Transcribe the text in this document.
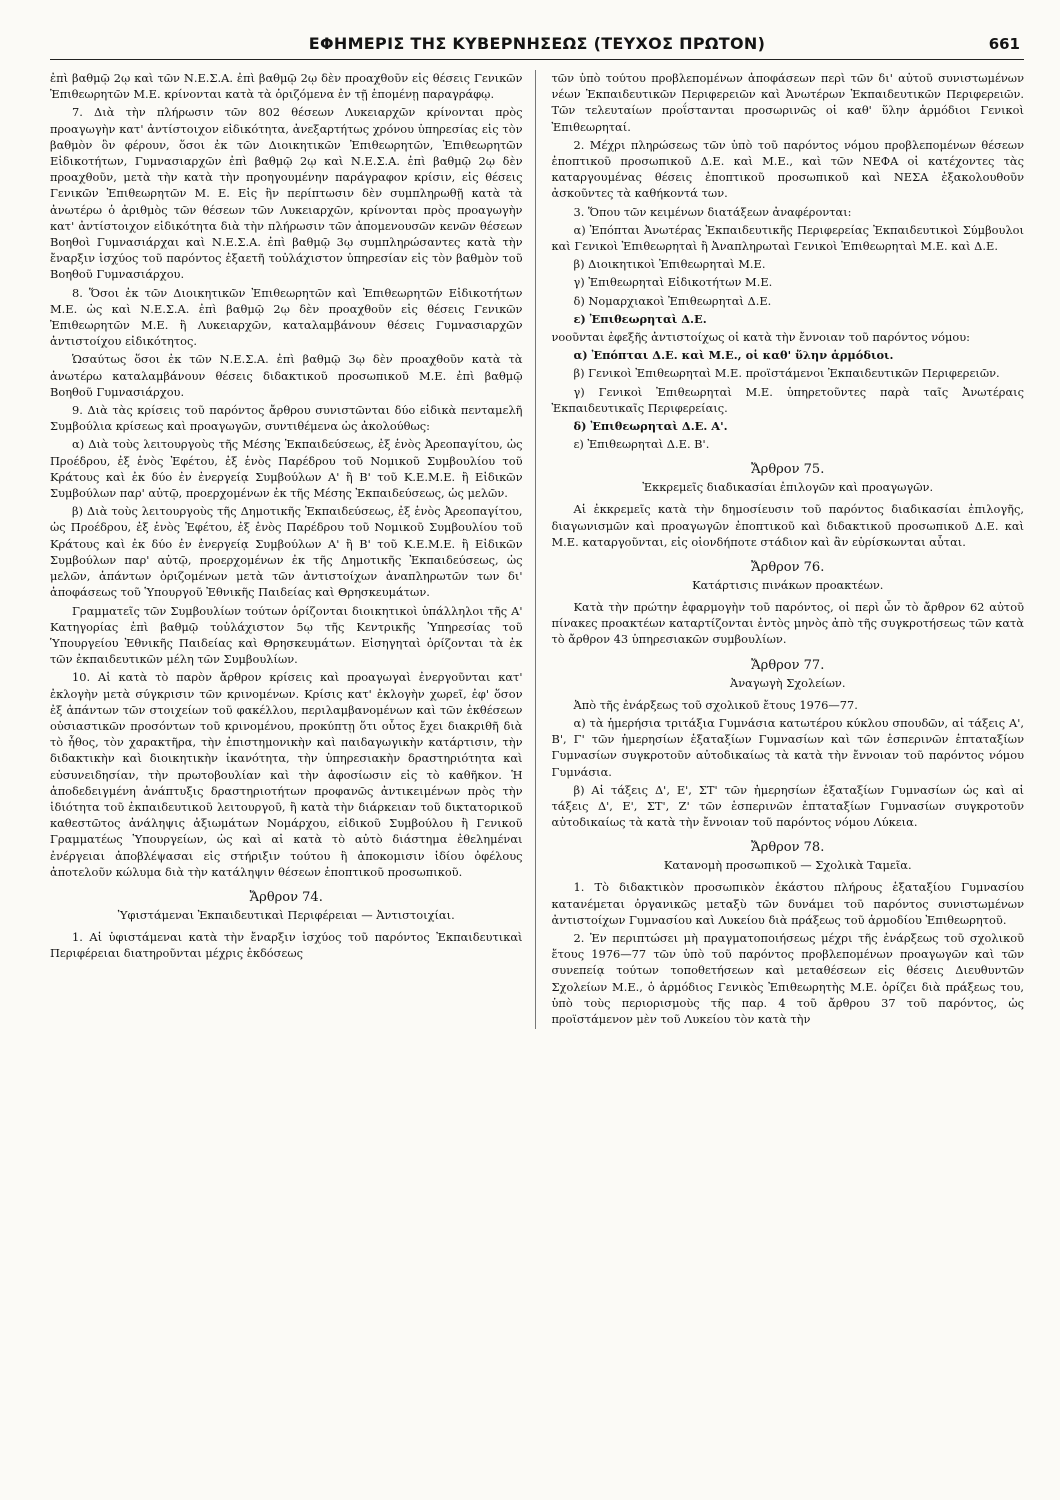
ΕΦΗΜΕΡΙΣ ΤΗΣ ΚΥΒΕΡΝΗΣΕΩΣ (ΤΕΥΧΟΣ ΠΡΩΤΟΝ)	661

ἐπὶ βαθμῷ 2ῳ καὶ τῶν Ν.Ε.Σ.Α. ἐπὶ βαθμῷ 2ῳ δὲν προαχθοῦν εἰς θέσεις Γενικῶν Ἐπιθεωρητῶν Μ.Ε. κρίνονται κατὰ τὰ ὁριζόμενα ἐν τῇ ἑπομένῃ παραγράφῳ.

7. Διὰ τὴν πλήρωσιν τῶν 802 θέσεων Λυκειαρχῶν κρίνονται πρὸς προαγωγὴν κατ' ἀντίστοιχον εἰδικότητα, ἀνεξαρτήτως χρόνου ὑπηρεσίας εἰς τὸν βαθμὸν ὃν φέρουν, ὅσοι ἐκ τῶν Διοικητικῶν Ἐπιθεωρητῶν, Ἐπιθεωρητῶν Εἰδικοτήτων, Γυμνασιαρχῶν ἐπὶ βαθμῷ 2ῳ καὶ Ν.Ε.Σ.Α. ἐπὶ βαθμῷ 2ῳ δὲν προαχθοῦν, μετὰ τὴν κατὰ τὴν προηγουμένην παράγραφον κρίσιν, εἰς θέσεις Γενικῶν Ἐπιθεωρητῶν Μ. Ε. Εἰς ἣν περίπτωσιν δὲν συμπληρωθῇ κατὰ τὰ ἀνωτέρω ὁ ἀριθμὸς τῶν θέσεων τῶν Λυκειαρχῶν, κρίνονται πρὸς προαγωγὴν κατ' ἀντίστοιχον εἰδικότητα διὰ τὴν πλήρωσιν τῶν ἀπομενουσῶν κενῶν θέσεων Βοηθοὶ Γυμνασιάρχαι καὶ Ν.Ε.Σ.Α. ἐπὶ βαθμῷ 3ῳ συμπληρώσαντες κατὰ τὴν ἔναρξιν ἰσχύος τοῦ παρόντος ἐξαετῆ τοὐλάχιστον ὑπηρεσίαν εἰς τὸν βαθμὸν τοῦ Βοηθοῦ Γυμνασιάρχου.

8. Ὅσοι ἐκ τῶν Διοικητικῶν Ἐπιθεωρητῶν καὶ Ἐπιθεωρητῶν Εἰδικοτήτων Μ.Ε. ὡς καὶ Ν.Ε.Σ.Α. ἐπὶ βαθμῷ 2ῳ δὲν προαχθοῦν εἰς θέσεις Γενικῶν Ἐπιθεωρητῶν Μ.Ε. ἢ Λυκειαρχῶν, καταλαμβάνουν θέσεις Γυμνασιαρχῶν ἀντιστοίχου εἰδικότητος.

Ὡσαύτως ὅσοι ἐκ τῶν Ν.Ε.Σ.Α. ἐπὶ βαθμῷ 3ῳ δὲν προαχθοῦν κατὰ τὰ ἀνωτέρω καταλαμβάνουν θέσεις διδακτικοῦ προσωπικοῦ Μ.Ε. ἐπὶ βαθμῷ Βοηθοῦ Γυμνασιάρχου.

9. Διὰ τὰς κρίσεις τοῦ παρόντος ἄρθρου συνιστῶνται δύο εἰδικὰ πενταμελῆ Συμβούλια κρίσεως καὶ προαγωγῶν, συντιθέμενα ὡς ἀκολούθως:

α) Διὰ τοὺς λειτουργοὺς τῆς Μέσης Ἐκπαιδεύσεως, ἐξ ἑνὸς Ἀρεοπαγίτου, ὡς Προέδρου, ἐξ ἑνὸς Ἐφέτου, ἐξ ἑνὸς Παρέδρου τοῦ Νομικοῦ Συμβουλίου τοῦ Κράτους καὶ ἐκ δύο ἐν ἐνεργείᾳ Συμβούλων Α' ἢ Β' τοῦ Κ.Ε.Μ.Ε. ἢ Εἰδικῶν Συμβούλων παρ' αὐτῷ, προερχομένων ἐκ τῆς Μέσης Ἐκπαιδεύσεως, ὡς μελῶν.

β) Διὰ τοὺς λειτουργοὺς τῆς Δημοτικῆς Ἐκπαιδεύσεως, ἐξ ἑνὸς Ἀρεοπαγίτου, ὡς Προέδρου, ἐξ ἑνὸς Ἐφέτου, ἐξ ἑνὸς Παρέδρου τοῦ Νομικοῦ Συμβουλίου τοῦ Κράτους καὶ ἐκ δύο ἐν ἐνεργείᾳ Συμβούλων Α' ἢ Β' τοῦ Κ.Ε.Μ.Ε. ἢ Εἰδικῶν Συμβούλων παρ' αὐτῷ, προερχομένων ἐκ τῆς Δημοτικῆς Ἐκπαιδεύσεως, ὡς μελῶν, ἁπάντων ὁριζομένων μετὰ τῶν ἀντιστοίχων ἀναπληρωτῶν των δι' ἀποφάσεως τοῦ Ὑπουργοῦ Ἐθνικῆς Παιδείας καὶ Θρησκευμάτων.

Γραμματεῖς τῶν Συμβουλίων τούτων ὁρίζονται διοικητικοὶ ὑπάλληλοι τῆς Α' Κατηγορίας ἐπὶ βαθμῷ τοὐλάχιστον 5ῳ τῆς Κεντρικῆς Ὑπηρεσίας τοῦ Ὑπουργείου Ἐθνικῆς Παιδείας καὶ Θρησκευμάτων. Εἰσηγηταὶ ὁρίζονται τὰ ἐκ τῶν ἐκπαιδευτικῶν μέλη τῶν Συμβουλίων.

10. Αἱ κατὰ τὸ παρὸν ἄρθρον κρίσεις καὶ προαγωγαὶ ἐνεργοῦνται κατ' ἐκλογὴν μετὰ σύγκρισιν τῶν κρινομένων. Κρίσις κατ' ἐκλογὴν χωρεῖ, ἐφ' ὅσον ἐξ ἁπάντων τῶν στοιχείων τοῦ φακέλλου, περιλαμβανομένων καὶ τῶν ἐκθέσεων οὐσιαστικῶν προσόντων τοῦ κρινομένου, προκύπτῃ ὅτι οὗτος ἔχει διακριθῆ διὰ τὸ ἦθος, τὸν χαρακτῆρα, τὴν ἐπιστημονικὴν καὶ παιδαγωγικὴν κατάρτισιν, τὴν διδακτικὴν καὶ διοικητικὴν ἱκανότητα, τὴν ὑπηρεσιακὴν δραστηριότητα καὶ εὐσυνειδησίαν, τὴν πρωτοβουλίαν καὶ τὴν ἀφοσίωσιν εἰς τὸ καθῆκον. Ἡ ἀποδεδειγμένη ἀνάπτυξις δραστηριοτήτων προφανῶς ἀντικειμένων πρὸς τὴν ἰδιότητα τοῦ ἐκπαιδευτικοῦ λειτουργοῦ, ἢ κατὰ τὴν διάρκειαν τοῦ δικτατορικοῦ καθεστῶτος ἀνάληψις ἀξιωμάτων Νομάρχου, εἰδικοῦ Συμβούλου ἢ Γενικοῦ Γραμματέως Ὑπουργείων, ὡς καὶ αἱ κατὰ τὸ αὐτὸ διάστημα ἐθελημέναι ἐνέργειαι ἀποβλέψασαι εἰς στήριξιν τούτου ἢ ἀποκομισιν ἰδίου ὀφέλους ἀποτελοῦν κώλυμα διὰ τὴν κατάληψιν θέσεων ἐποπτικοῦ προσωπικοῦ.

Ἄρθρον 74.
Ὑφιστάμεναι Ἐκπαιδευτικαὶ Περιφέρειαι — Ἀντιστοιχίαι.

1. Αἱ ὑφιστάμεναι κατὰ τὴν ἔναρξιν ἰσχύος τοῦ παρόντος Ἐκπαιδευτικαὶ Περιφέρειαι διατηροῦνται μέχρις ἐκδόσεως

τῶν ὑπὸ τούτου προβλεπομένων ἀποφάσεων περὶ τῶν δι' αὐτοῦ συνιστωμένων νέων Ἐκπαιδευτικῶν Περιφερειῶν καὶ Ἀνωτέρων Ἐκπαιδευτικῶν Περιφερειῶν. Τῶν τελευταίων προΐστανται προσωρινῶς οἱ καθ' ὕλην ἁρμόδιοι Γενικοὶ Ἐπιθεωρηταί.

2. Μέχρι πληρώσεως τῶν ὑπὸ τοῦ παρόντος νόμου προβλεπομένων θέσεων ἐποπτικοῦ προσωπικοῦ Δ.Ε. καὶ Μ.Ε., καὶ τῶν ΝΕΦΑ οἱ κατέχοντες τὰς καταργουμένας θέσεις ἐποπτικοῦ προσωπικοῦ καὶ ΝΕΣΑ ἐξακολουθοῦν ἀσκοῦντες τὰ καθήκοντά των.

3. Ὅπου τῶν κειμένων διατάξεων ἀναφέρονται:

α) Ἐπόπται Ἀνωτέρας Ἐκπαιδευτικῆς Περιφερείας Ἐκπαιδευτικοὶ Σύμβουλοι καὶ Γενικοὶ Ἐπιθεωρηταὶ ἢ Ἀναπληρωταὶ Γενικοὶ Ἐπιθεωρηταὶ Μ.Ε. καὶ Δ.Ε.

β) Διοικητικοὶ Ἐπιθεωρηταὶ Μ.Ε.

γ) Ἐπιθεωρηταὶ Εἰδικοτήτων Μ.Ε.

δ) Νομαρχιακοὶ Ἐπιθεωρηταὶ Δ.Ε.

ε) Ἐπιθεωρηταὶ Δ.Ε.

νοοῦνται ἐφεξῆς ἀντιστοίχως οἱ κατὰ τὴν ἔννοιαν τοῦ παρόντος νόμου:

α) Ἐπόπται Δ.Ε. καὶ Μ.Ε., οἱ καθ' ὕλην ἁρμόδιοι.

β) Γενικοὶ Ἐπιθεωρηταὶ Μ.Ε. προϊστάμενοι Ἐκπαιδευτικῶν Περιφερειῶν.

γ) Γενικοὶ Ἐπιθεωρηταὶ Μ.Ε. ὑπηρετοῦντες παρὰ ταῖς Ἀνωτέραις Ἐκπαιδευτικαῖς Περιφερείαις.

δ) Ἐπιθεωρηταὶ Δ.Ε. Α'.

ε) Ἐπιθεωρηταὶ Δ.Ε. Β'.

Ἄρθρον 75.
Ἐκκρεμεῖς διαδικασίαι ἐπιλογῶν καὶ προαγωγῶν.

Αἱ ἐκκρεμεῖς κατὰ τὴν δημοσίευσιν τοῦ παρόντος διαδικασίαι ἐπιλογῆς, διαγωνισμῶν καὶ προαγωγῶν ἐποπτικοῦ καὶ διδακτικοῦ προσωπικοῦ Δ.Ε. καὶ Μ.Ε. καταργοῦνται, εἰς οἱονδήποτε στάδιον καὶ ἂν εὑρίσκωνται αὗται.

Ἄρθρον 76.
Κατάρτισις πινάκων προακτέων.

Κατὰ τὴν πρώτην ἐφαρμογὴν τοῦ παρόντος, οἱ περὶ ὧν τὸ ἄρθρον 62 αὐτοῦ πίνακες προακτέων καταρτίζονται ἐντὸς μηνὸς ἀπὸ τῆς συγκροτήσεως τῶν κατὰ τὸ ἄρθρον 43 ὑπηρεσιακῶν συμβουλίων.

Ἄρθρον 77.
Ἀναγωγὴ Σχολείων.

Ἀπὸ τῆς ἐνάρξεως τοῦ σχολικοῦ ἔτους 1976—77.

α) τὰ ἡμερήσια τριτάξια Γυμνάσια κατωτέρου κύκλου σπουδῶν, αἱ τάξεις Α', Β', Γ' τῶν ἡμερησίων ἑξαταξίων Γυμνασίων καὶ τῶν ἑσπερινῶν ἑπταταξίων Γυμνασίων συγκροτοῦν αὐτοδικαίως τὰ κατὰ τὴν ἔννοιαν τοῦ παρόντος νόμου Γυμνάσια.

β) Αἱ τάξεις Δ', Ε', ΣΤ' τῶν ἡμερησίων ἑξαταξίων Γυμνασίων ὡς καὶ αἱ τάξεις Δ', Ε', ΣΤ', Ζ' τῶν ἑσπερινῶν ἑπταταξίων Γυμνασίων συγκροτοῦν αὐτοδικαίως τὰ κατὰ τὴν ἔννοιαν τοῦ παρόντος νόμου Λύκεια.

Ἄρθρον 78.
Κατανομὴ προσωπικοῦ — Σχολικὰ Ταμεῖα.

1. Τὸ διδακτικὸν προσωπικὸν ἑκάστου πλήρους ἑξαταξίου Γυμνασίου κατανέμεται ὀργανικῶς μεταξὺ τῶν δυνάμει τοῦ παρόντος συνιστωμένων ἀντιστοίχων Γυμνασίου καὶ Λυκείου διὰ πράξεως τοῦ ἁρμοδίου Ἐπιθεωρητοῦ.

2. Ἐν περιπτώσει μὴ πραγματοποιήσεως μέχρι τῆς ἐνάρξεως τοῦ σχολικοῦ ἔτους 1976—77 τῶν ὑπὸ τοῦ παρόντος προβλεπομένων προαγωγῶν καὶ τῶν συνεπείᾳ τούτων τοποθετήσεων καὶ μεταθέσεων εἰς θέσεις Διευθυντῶν Σχολείων Μ.Ε., ὁ ἁρμόδιος Γενικὸς Ἐπιθεωρητὴς Μ.Ε. ὁρίζει διὰ πράξεως του, ὑπὸ τοὺς περιορισμοὺς τῆς παρ. 4 τοῦ ἄρθρου 37 τοῦ παρόντος, ὡς προϊστάμενον μὲν τοῦ Λυκείου τὸν κατὰ τὴν
